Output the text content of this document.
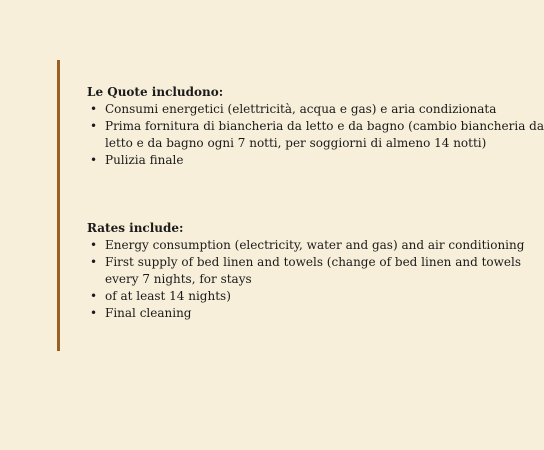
Le Quote includono:

• Consumi energetici (elettricità, acqua e gas) e aria condizionata
• Prima fornitura di biancheria da letto e da bagno (cambio biancheria da
letto e da bagno ogni 7 notti, per soggiorni di almeno 14 notti)
• Pulizia finale

Rates include:

• Energy consumption (electricity, water and gas) and air conditioning
• First supply of bed linen and towels (change of bed linen and towels
every 7 nights, for stays
• of at least 14 nights)
• Final cleaning
